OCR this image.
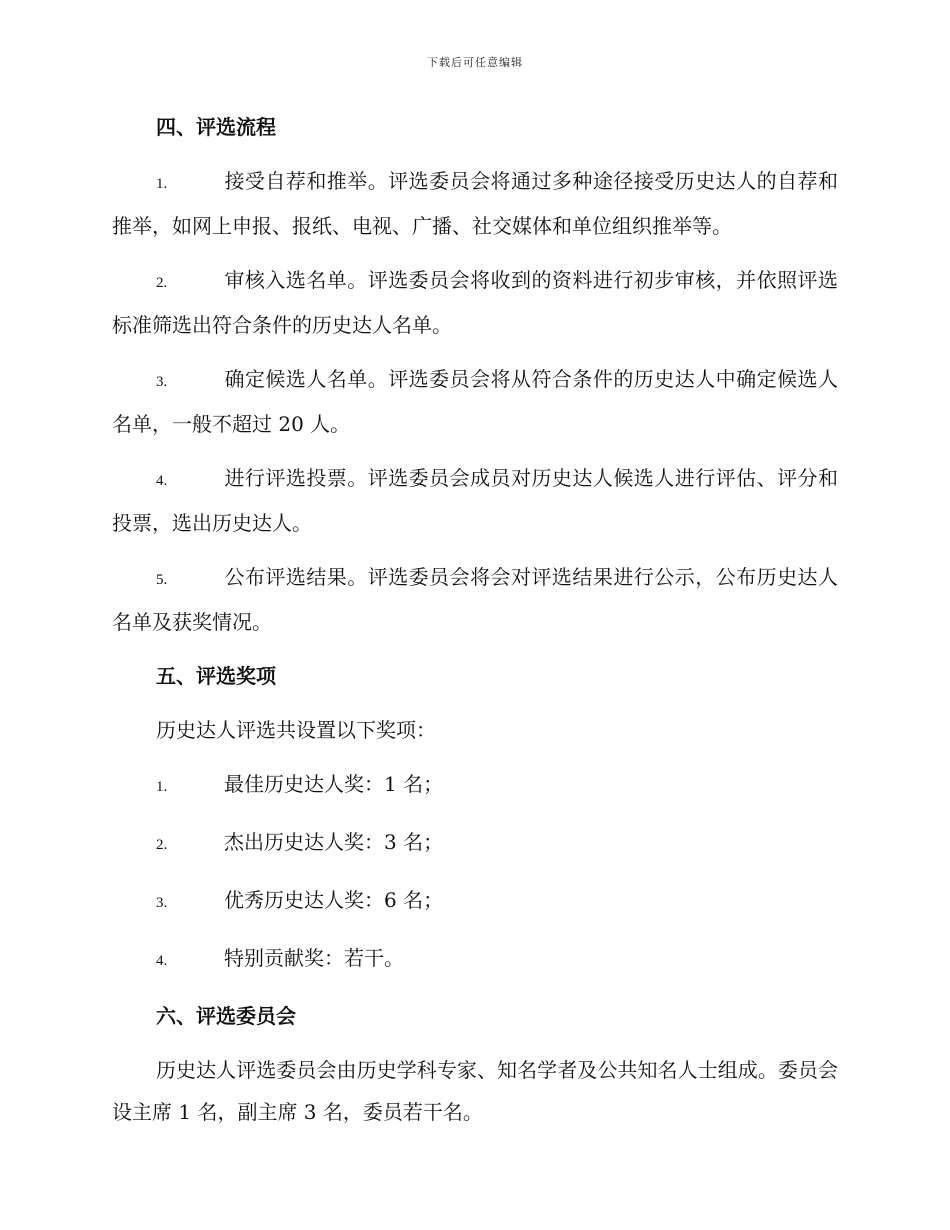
下载后可任意编辑
四、评选流程
1.	接受自荐和推举。评选委员会将通过多种途径接受历史达人的自荐和推举，如网上申报、报纸、电视、广播、社交媒体和单位组织推举等。
2.	审核入选名单。评选委员会将收到的资料进行初步审核，并依照评选标准筛选出符合条件的历史达人名单。
3.	确定候选人名单。评选委员会将从符合条件的历史达人中确定候选人名单，一般不超过 20 人。
4.	进行评选投票。评选委员会成员对历史达人候选人进行评估、评分和投票，选出历史达人。
5.	公布评选结果。评选委员会将会对评选结果进行公示，公布历史达人名单及获奖情况。
五、评选奖项
历史达人评选共设置以下奖项：
1.	最佳历史达人奖：1 名；
2.	杰出历史达人奖：3 名；
3.	优秀历史达人奖：6 名；
4.	特别贡献奖：若干。
六、评选委员会
历史达人评选委员会由历史学科专家、知名学者及公共知名人士组成。委员会设主席 1 名，副主席 3 名，委员若干名。
